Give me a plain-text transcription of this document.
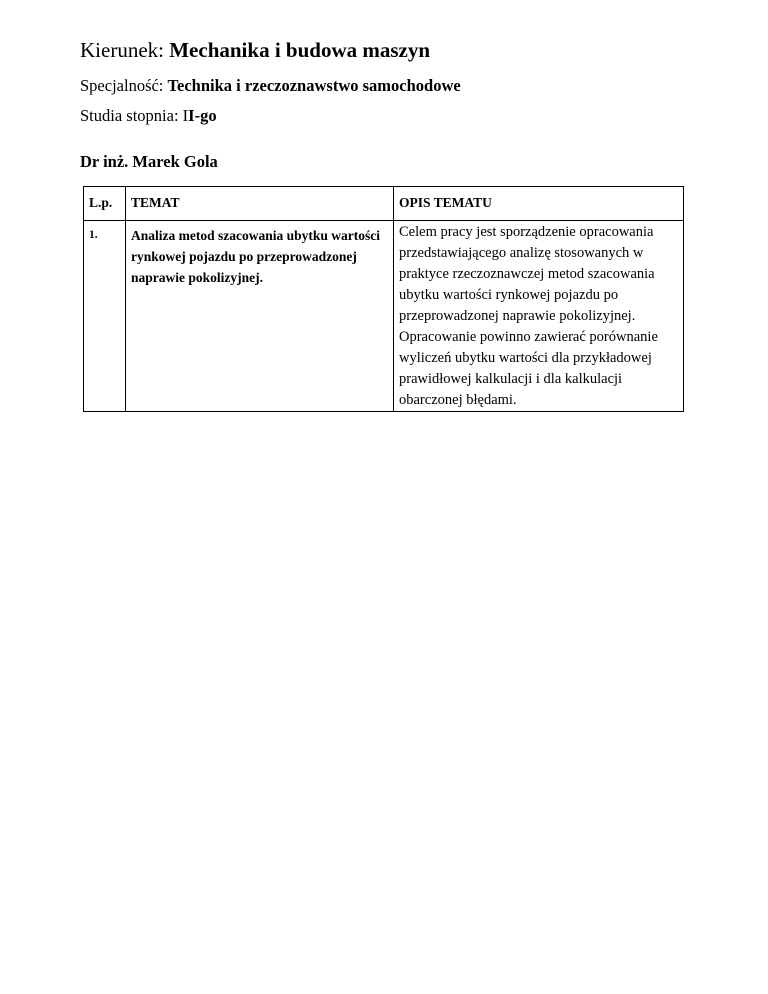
Kierunek: Mechanika i budowa maszyn
Specjalność: Technika i rzeczoznawstwo samochodowe
Studia stopnia: II-go
Dr inż. Marek Gola
L.p.	TEMAT	OPIS TEMATU

1.	Analiza metod szacowania ubytku wartości rynkowej pojazdu po przeprowadzonej naprawie pokolizyjnej.	Celem pracy jest sporządzenie opracowania przedstawiającego analizę stosowanych w praktyce rzeczoznawczej metod szacowania ubytku wartości rynkowej pojazdu po przeprowadzonej naprawie pokolizyjnej. Opracowanie powinno zawierać porównanie wyliczeń ubytku wartości dla przykładowej prawidłowej kalkulacji i dla kalkulacji obarczonej błędami.
